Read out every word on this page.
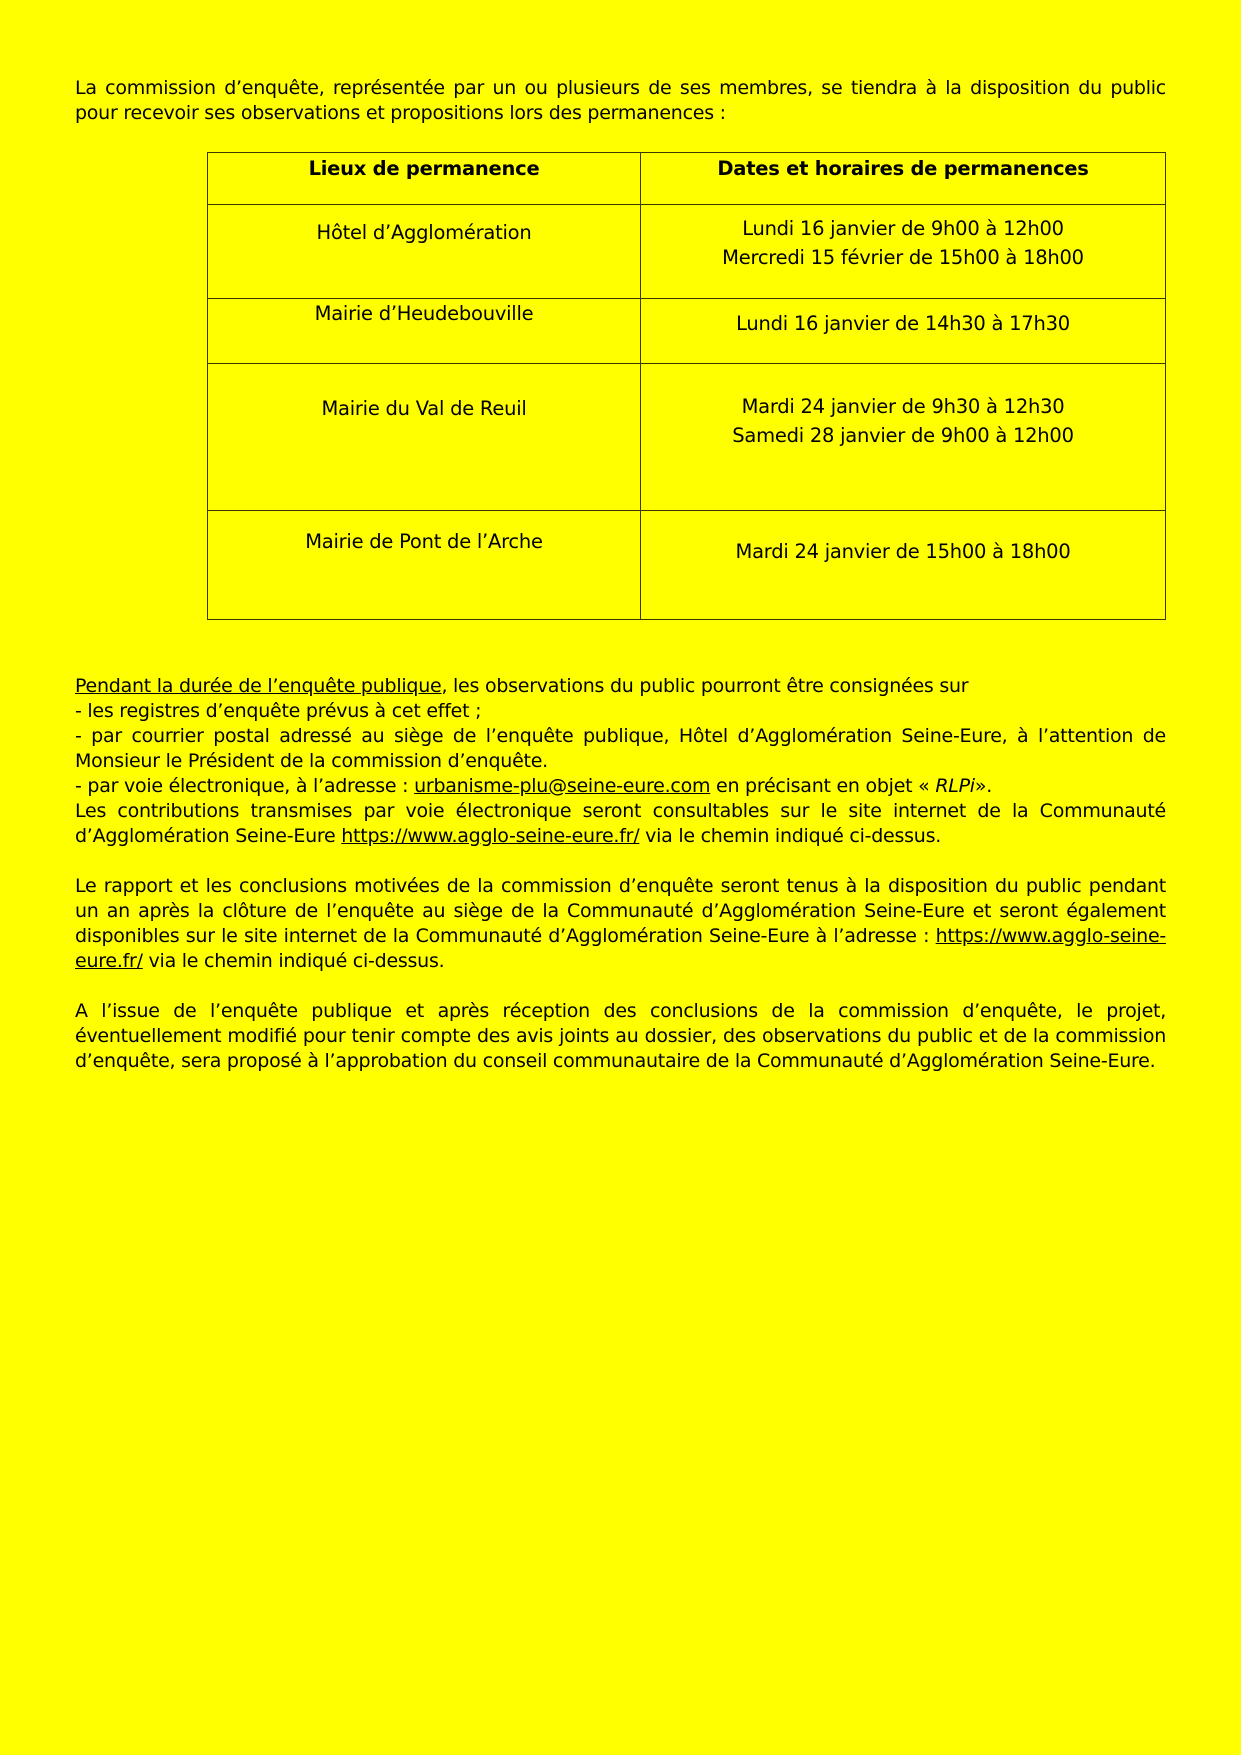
La commission d’enquête, représentée par un ou plusieurs de ses membres, se tiendra à la disposition du public pour recevoir ses observations et propositions lors des permanences :

Lieux de permanence	Dates et horaires de permanences
Hôtel d’Agglomération	Lundi 16 janvier de 9h00 à 12h00
Mercredi 15 février de 15h00 à 18h00

Mairie d’Heudebouville	Lundi 16 janvier de 14h30 à 17h30

Mairie du Val de Reuil	Mardi 24 janvier de 9h30 à 12h30
Samedi 28 janvier de 9h00 à 12h00

Mairie de Pont de l’Arche	Mardi 24 janvier de 15h00 à 18h00

Pendant la durée de l’enquête publique, les observations du public pourront être consignées sur

- les registres d’enquête prévus à cet effet ;

- par courrier postal adressé au siège de l’enquête publique, Hôtel d’Agglomération Seine-Eure, à l’attention de Monsieur le Président de la commission d’enquête.

- par voie électronique, à l’adresse : urbanisme-plu@seine-eure.com en précisant en objet « RLPi».

Les contributions transmises par voie électronique seront consultables sur le site internet de la Communauté d’Agglomération Seine-Eure https://www.agglo-seine-eure.fr/ via le chemin indiqué ci-dessus.

Le rapport et les conclusions motivées de la commission d’enquête seront tenus à la disposition du public pendant un an après la clôture de l’enquête au siège de la Communauté d’Agglomération Seine-Eure et seront également disponibles sur le site internet de la Communauté d’Agglomération Seine-Eure à l’adresse : https://www.agglo-seine-eure.fr/ via le chemin indiqué ci-dessus.

A l’issue de l’enquête publique et après réception des conclusions de la commission d’enquête, le projet, éventuellement modifié pour tenir compte des avis joints au dossier, des observations du public et de la commission d’enquête, sera proposé à l’approbation du conseil communautaire de la Communauté d’Agglomération Seine-Eure.
